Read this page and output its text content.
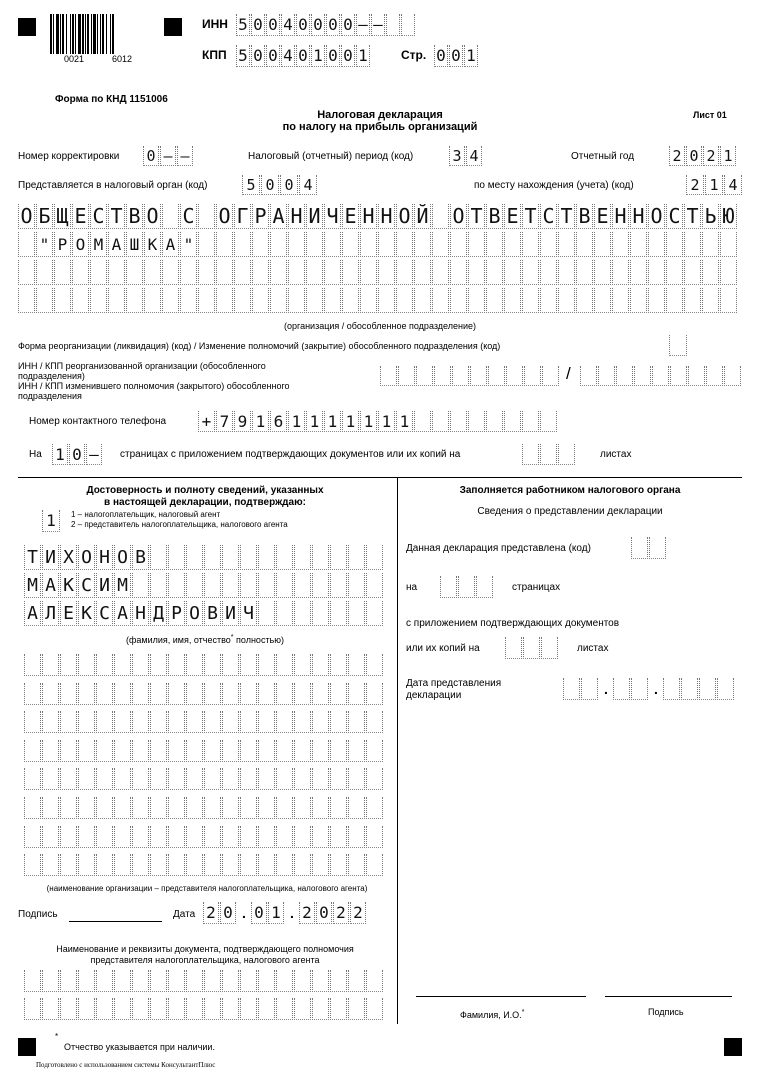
0021	6012
ИНН 5 0 0 4 0 0 0 0 – –
КПП 5 0 0 4 0 1 0 0 1	Стр. 0 0 1
Форма по КНД 1151006
Налоговая декларация
по налогу на прибыль организаций
Лист 01
Номер корректировки 0 – –	Налоговый (отчетный) период (код)	3 4	Отчетный год	2 0 2 1
Представляется в налоговый орган (код)	5 0 0 4	по месту нахождения (учета) (код)	2 1 4
О Б Щ Е С Т В О С О Г Р А Н И Ч Е Н Н О Й О Т В Е Т С Т В Е Н Н О С Т Ь Ю
" Р О М А Ш К А "
(организация / обособленное подразделение)
Форма реорганизации (ликвидация) (код) / Изменение полномочий (закрытие) обособленного подразделения (код)
ИНН / КПП реорганизованной организации (обособленного
подразделения)
ИНН / КПП изменившего полномочия (закрытого) обособленного
подразделения
/
Номер контактного телефона + 7 9 1 6 1 1 1 1 1 1 1
На 1 0 –	страницах с приложением подтверждающих документов или их копий на	листах
Достоверность и полноту сведений, указанных
в настоящей декларации, подтверждаю:
1	1 – налогоплательщик, налоговый агент
2 – представитель налогоплательщика, налогового агента
Т И Х О Н О В
М А К С И М
А Л Е К С А Н Д Р О В И Ч
(фамилия, имя, отчество* полностью)
(наименование организации – представителя налогоплательщика, налогового агента)
Подпись	Дата 2 0 . 0 1 . 2 0 2 2
Наименование и реквизиты документа, подтверждающего полномочия
представителя налогоплательщика, налогового агента
Заполняется работником налогового органа
Сведения о представлении декларации
Данная декларация представлена (код)
на	страницах
с приложением подтверждающих документов
или их копий на	листах
Дата представления
декларации	.	.
Фамилия, И.О.*	Подпись
*
Отчество указывается при наличии.
Подготовлено с использованием системы КонсультантПлюс
